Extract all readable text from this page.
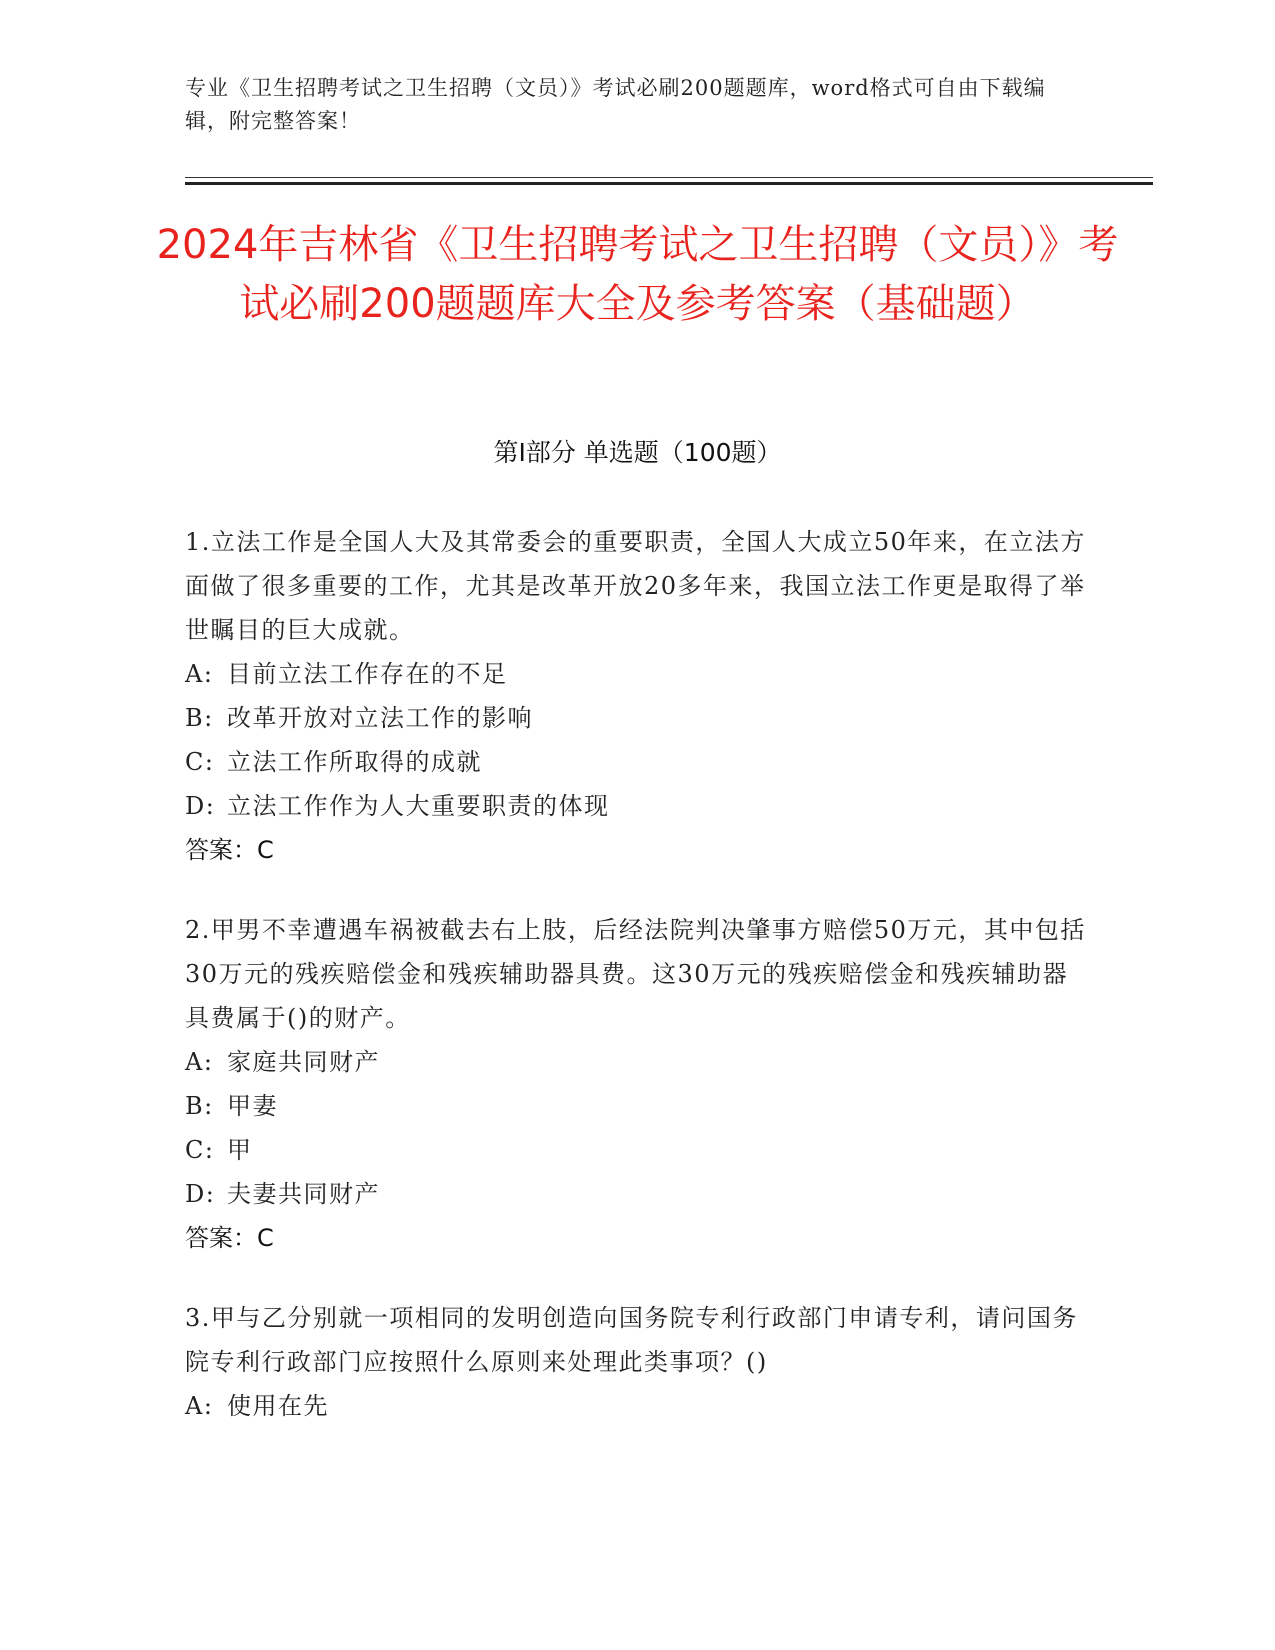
专业《卫生招聘考试之卫生招聘（文员）》考试必刷200题题库，word格式可自由下载编辑，附完整答案！
2024年吉林省《卫生招聘考试之卫生招聘（文员）》考试必刷200题题库大全及参考答案（基础题）
第I部分 单选题（100题）
1.立法工作是全国人大及其常委会的重要职责，全国人大成立50年来，在立法方面做了很多重要的工作，尤其是改革开放20多年来，我国立法工作更是取得了举世瞩目的巨大成就。
A: 目前立法工作存在的不足
B: 改革开放对立法工作的影响
C: 立法工作所取得的成就
D: 立法工作作为人大重要职责的体现
答案：C
2.甲男不幸遭遇车祸被截去右上肢，后经法院判决肇事方赔偿50万元，其中包括30万元的残疾赔偿金和残疾辅助器具费。这30万元的残疾赔偿金和残疾辅助器具费属于()的财产。
A: 家庭共同财产
B: 甲妻
C: 甲
D: 夫妻共同财产
答案：C
3.甲与乙分别就一项相同的发明创造向国务院专利行政部门申请专利，请问国务院专利行政部门应按照什么原则来处理此类事项？()
A: 使用在先
